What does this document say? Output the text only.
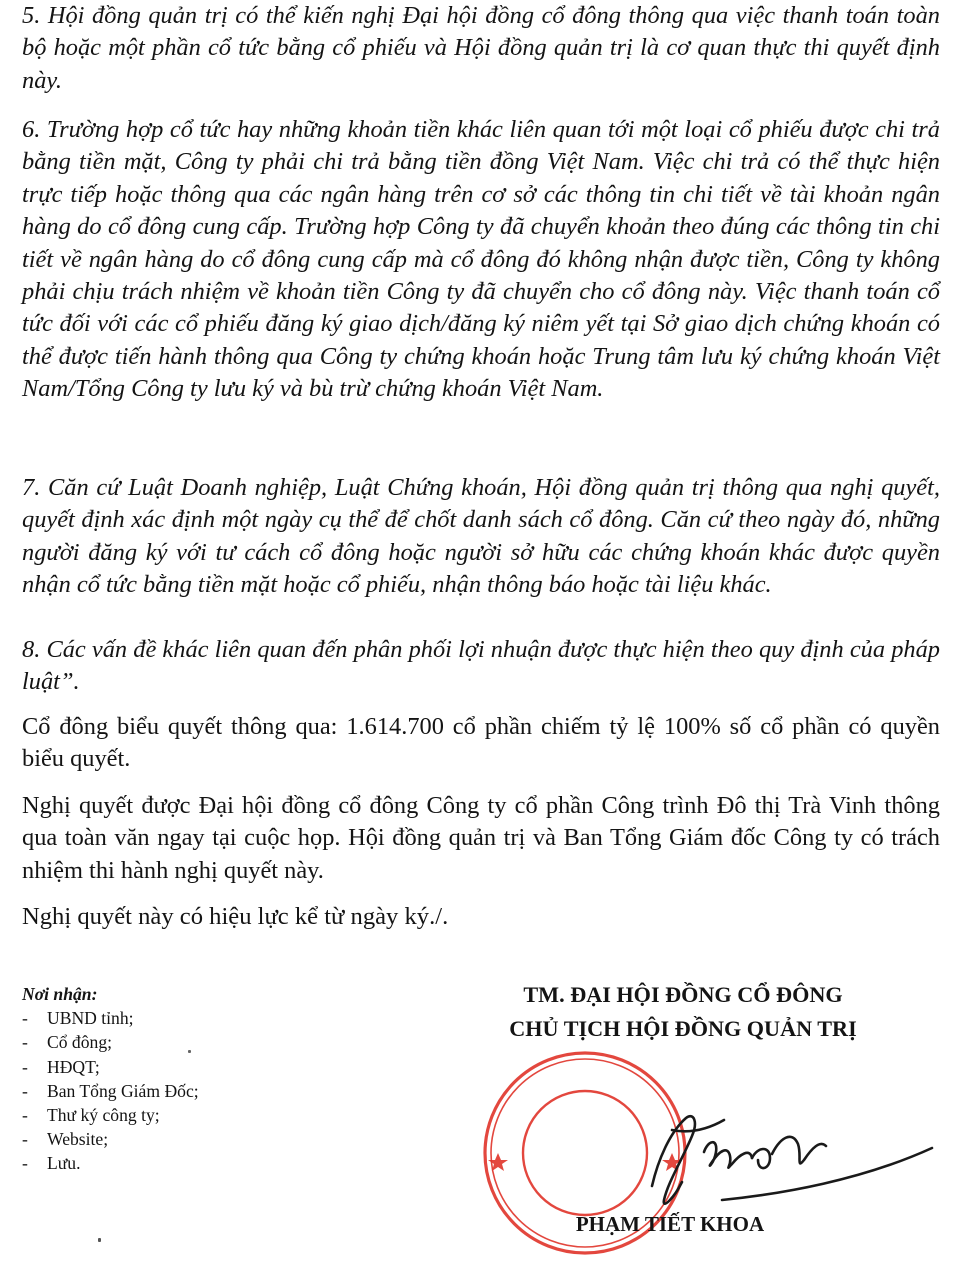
5. Hội đồng quản trị có thể kiến nghị Đại hội đồng cổ đông thông qua việc thanh toán toàn bộ hoặc một phần cổ tức bằng cổ phiếu và Hội đồng quản trị là cơ quan thực thi quyết định này.

6. Trường hợp cổ tức hay những khoản tiền khác liên quan tới một loại cổ phiếu được chi trả bằng tiền mặt, Công ty phải chi trả bằng tiền đồng Việt Nam. Việc chi trả có thể thực hiện trực tiếp hoặc thông qua các ngân hàng trên cơ sở các thông tin chi tiết về tài khoản ngân hàng do cổ đông cung cấp. Trường hợp Công ty đã chuyển khoản theo đúng các thông tin chi tiết về ngân hàng do cổ đông cung cấp mà cổ đông đó không nhận được tiền, Công ty không phải chịu trách nhiệm về khoản tiền Công ty đã chuyển cho cổ đông này. Việc thanh toán cổ tức đối với các cổ phiếu đăng ký giao dịch/đăng ký niêm yết tại Sở giao dịch chứng khoán có thể được tiến hành thông qua Công ty chứng khoán hoặc Trung tâm lưu ký chứng khoán Việt Nam/Tổng Công ty lưu ký và bù trừ chứng khoán Việt Nam.

7. Căn cứ Luật Doanh nghiệp, Luật Chứng khoán, Hội đồng quản trị thông qua nghị quyết, quyết định xác định một ngày cụ thể để chốt danh sách cổ đông. Căn cứ theo ngày đó, những người đăng ký với tư cách cổ đông hoặc người sở hữu các chứng khoán khác được quyền nhận cổ tức bằng tiền mặt hoặc cổ phiếu, nhận thông báo hoặc tài liệu khác.

8. Các vấn đề khác liên quan đến phân phối lợi nhuận được thực hiện theo quy định của pháp luật”.

Cổ đông biểu quyết thông qua: 1.614.700 cổ phần chiếm tỷ lệ 100% số cổ phần có quyền biểu quyết.

Nghị quyết được Đại hội đồng cổ đông Công ty cổ phần Công trình Đô thị Trà Vinh thông qua toàn văn ngay tại cuộc họp. Hội đồng quản trị và Ban Tổng Giám đốc Công ty có trách nhiệm thi hành nghị quyết này.

Nghị quyết này có hiệu lực kể từ ngày ký./.

Nơi nhận:
-	UBND tỉnh;
-	Cổ đông;
-	HĐQT;
-	Ban Tổng Giám Đốc;
-	Thư ký công ty;
-	Website;
-	Lưu.
TM. ĐẠI HỘI ĐỒNG CỔ ĐÔNG
CHỦ TỊCH HỘI ĐỒNG QUẢN TRỊ
PHẠM TIẾT KHOA
